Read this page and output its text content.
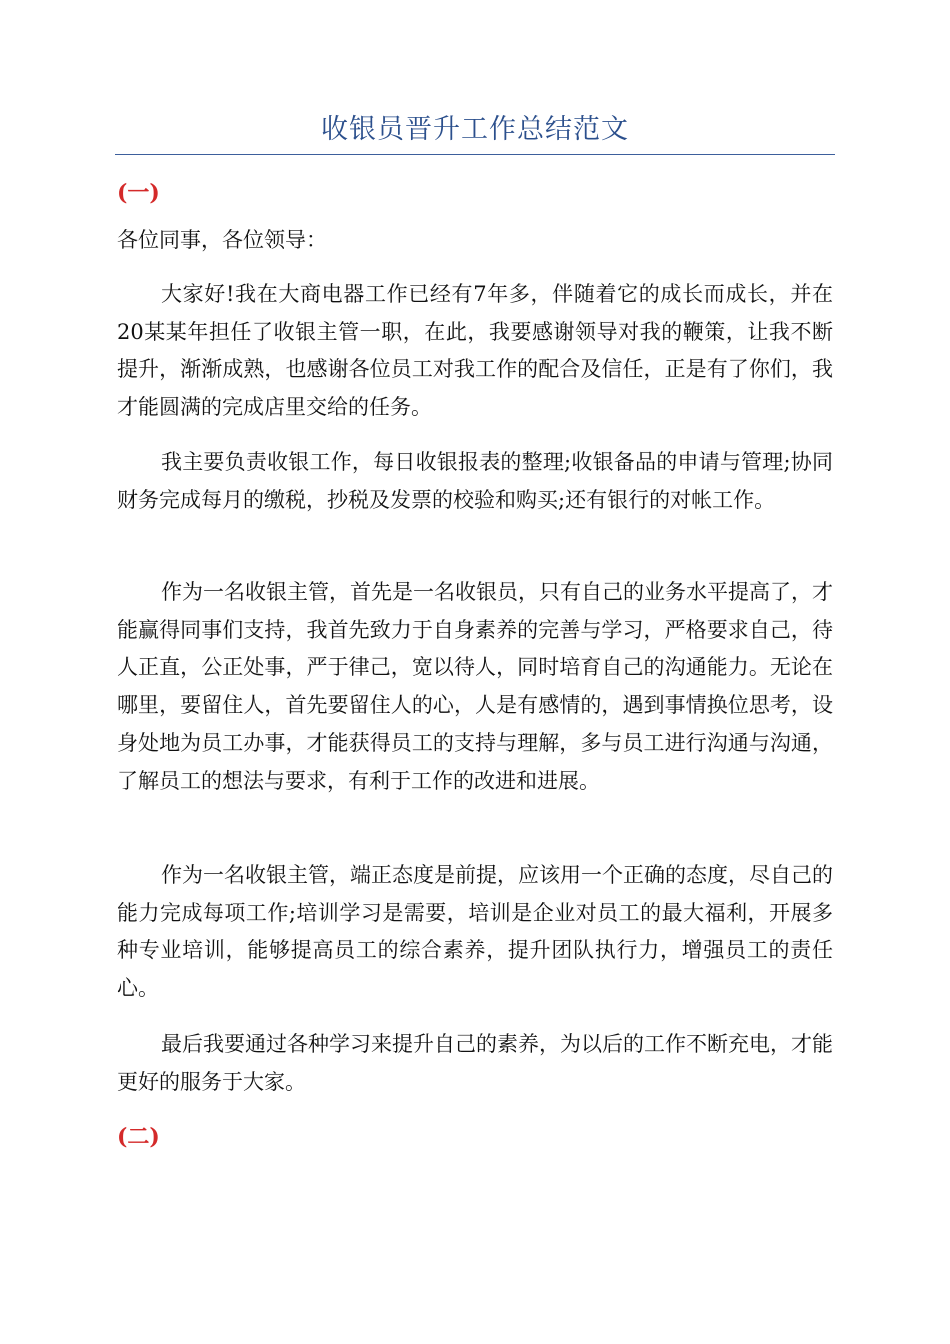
收银员晋升工作总结范文
(一)
各位同事，各位领导：

大家好!我在大商电器工作已经有7年多，伴随着它的成长而成长，并在20某某年担任了收银主管一职，在此，我要感谢领导对我的鞭策，让我不断提升，渐渐成熟，也感谢各位员工对我工作的配合及信任，正是有了你们，我才能圆满的完成店里交给的任务。

我主要负责收银工作，每日收银报表的整理;收银备品的申请与管理;协同财务完成每月的缴税，抄税及发票的校验和购买;还有银行的对帐工作。

作为一名收银主管，首先是一名收银员，只有自己的业务水平提高了，才能赢得同事们支持，我首先致力于自身素养的完善与学习，严格要求自己，待人正直，公正处事，严于律己，宽以待人，同时培育自己的沟通能力。无论在哪里，要留住人，首先要留住人的心，人是有感情的，遇到事情换位思考，设身处地为员工办事，才能获得员工的支持与理解，多与员工进行沟通与沟通，了解员工的想法与要求，有利于工作的改进和进展。

作为一名收银主管，端正态度是前提，应该用一个正确的态度，尽自己的能力完成每项工作;培训学习是需要，培训是企业对员工的最大福利，开展多种专业培训，能够提高员工的综合素养，提升团队执行力，增强员工的责任心。

最后我要通过各种学习来提升自己的素养，为以后的工作不断充电，才能更好的服务于大家。

(二)
